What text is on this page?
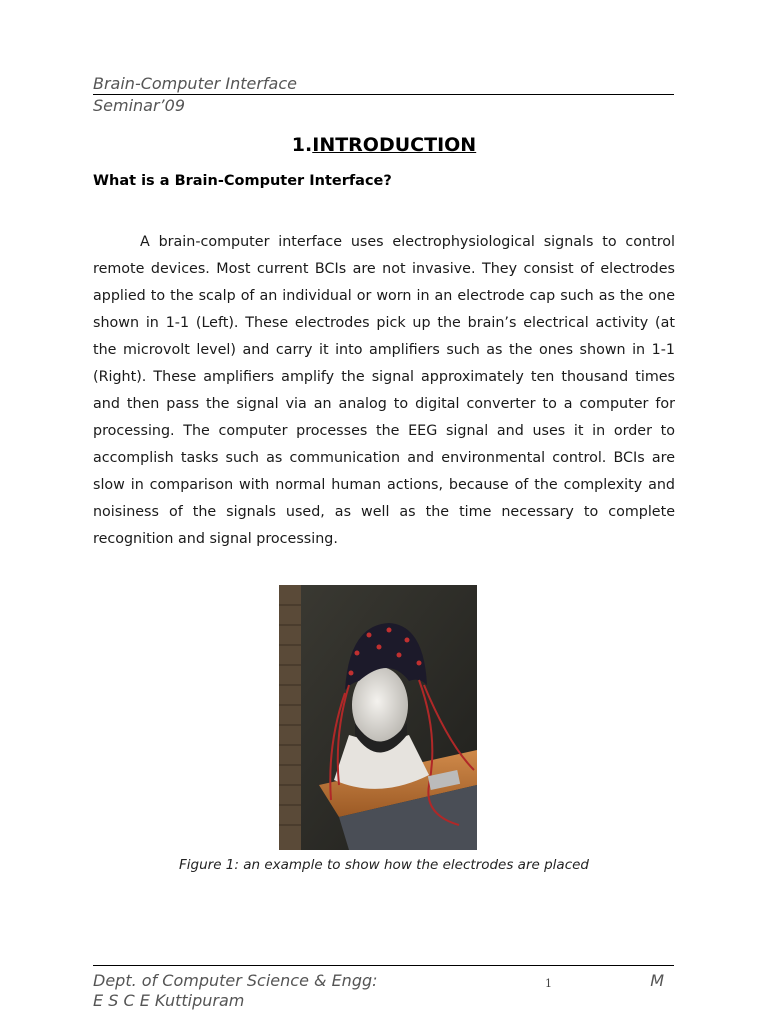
Brain-Computer Interface
Seminar’09
1.INTRODUCTION
What is a Brain-Computer Interface?
A brain-computer interface uses electrophysiological signals to control remote devices. Most current BCIs are not invasive. They consist of electrodes applied to the scalp of an individual or worn in an electrode cap such as the one shown in 1-1 (Left). These electrodes pick up the brain’s electrical activity (at the microvolt level) and carry it into amplifiers such as the ones shown in 1-1 (Right). These amplifiers amplify the signal approximately ten thousand times and then pass the signal via an analog to digital converter to a computer for processing. The computer processes the EEG signal and uses it in order to accomplish tasks such as communication and environmental control. BCIs are slow in comparison with normal human actions, because of the complexity and noisiness of the signals used, as well as the time necessary to complete recognition and signal processing.
Figure 1: an example to show how the electrodes are placed
Dept. of Computer Science & Engg:	1	M
E S C E Kuttipuram
